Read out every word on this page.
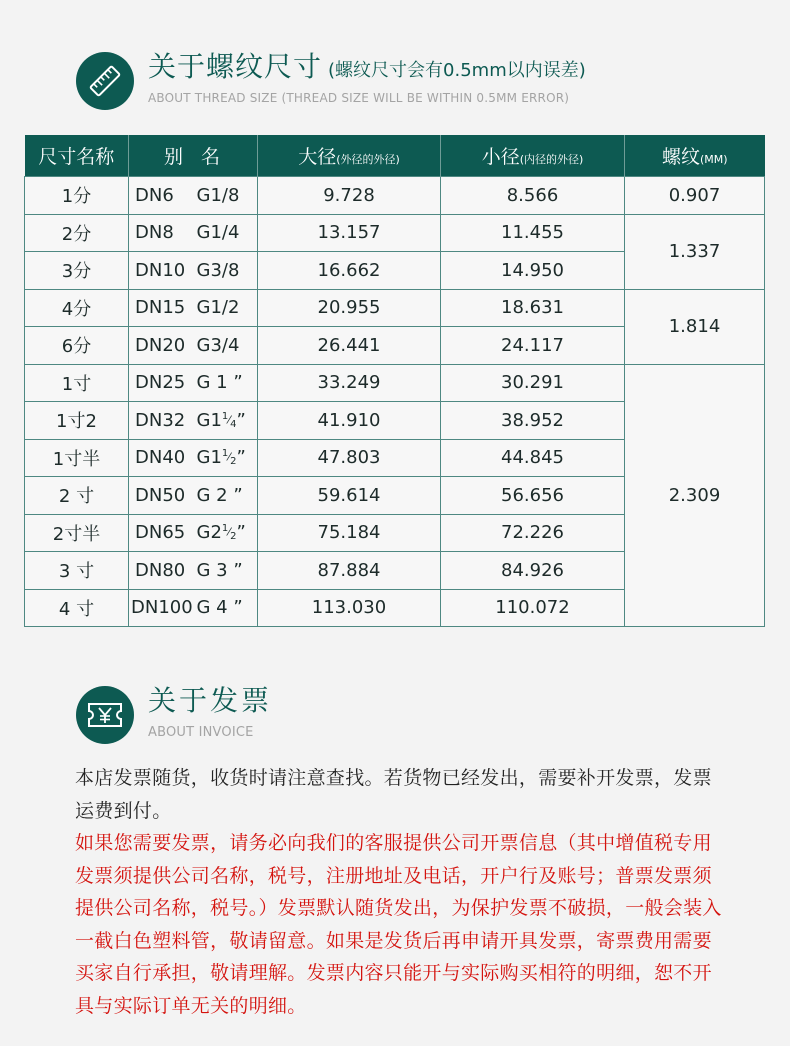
关于螺纹尺寸 (螺纹尺寸会有0.5mm以内误差)
ABOUT THREAD SIZE (THREAD SIZE WILL BE WITHIN 0.5MM ERROR)
尺寸名称	别  名		大径(外径的外径)	小径(内径的外径)	螺纹(MM)
1分	DN6	G1/8	9.728	8.566	0.907
2分	DN8	G1/4	13.157	11.455	1.337
3分	DN10	G3/8	16.662	14.950	
4分	DN15	G1/2	20.955	18.631	1.814
6分	DN20	G3/4	26.441	24.117	
1寸	DN25	G 1 ”	33.249	30.291	2.309
1寸2	DN32	$G1^1⁄_4$”	41.910	38.952	
1寸半	DN40	$G1^1⁄_2$”	47.803	44.845	
2 寸	DN50	G 2 ”	59.614	56.656	
2寸半	DN65	$G2^1⁄_2$”	75.184	72.226	
3 寸	DN80	G 3 ”	87.884	84.926	
4 寸	DN100	G 4 ”	113.030	110.072	
关于发票
ABOUT INVOICE

本店发票随货，收货时请注意查找。若货物已经发出，需要补开发票，发票运费到付。

如果您需要发票，请务必向我们的客服提供公司开票信息（其中增值税专用发票须提供公司名称，税号，注册地址及电话，开户行及账号；普票发票须提供公司名称，税号。）发票默认随货发出，为保护发票不破损，一般会装入一截白色塑料管，敬请留意。如果是发货后再申请开具发票，寄票费用需要买家自行承担，敬请理解。发票内容只能开与实际购买相符的明细，恕不开具与实际订单无关的明细。
